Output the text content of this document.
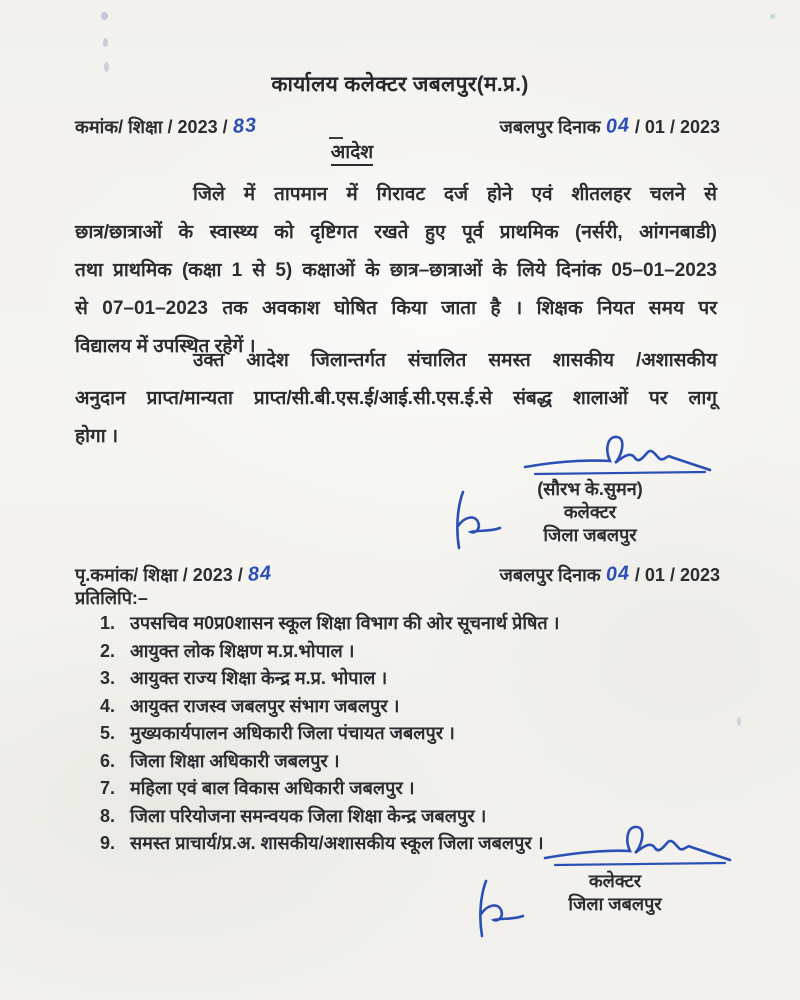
कार्यालय कलेक्टर जबलपुर(म.प्र.)
कमांक/ शिक्षा / 2023 / 83	जबलपुर दिनाक 04 / 01 / 2023
आदेश
जिले में तापमान में गिरावट दर्ज होने एवं शीतलहर चलने से
छात्र/छात्राओं के स्वास्थ्य को दृष्टिगत रखते हुए पूर्व प्राथमिक (नर्सरी, आंगनबाडी)
तथा प्राथमिक (कक्षा 1 से 5) कक्षाओं के छात्र–छात्राओं के लिये दिनांक 05–01–2023
से 07–01–2023 तक अवकाश घोषित किया जाता है । शिक्षक नियत समय पर
विद्यालय में उपस्थित रहेगें ।
उक्त आदेश जिलान्तर्गत संचालित समस्त शासकीय /अशासकीय
अनुदान प्राप्त/मान्यता प्राप्त/सी.बी.एस.ई/आई.सी.एस.ई.से संबद्ध शालाओं पर लागू
होगा ।
(सौरभ के.सुमन)
कलेक्टर
जिला जबलपुर
पृ.कमांक/ शिक्षा / 2023 / 84	जबलपुर दिनाक 04 / 01 / 2023
प्रतिलिपि:–
1. उपसचिव म0प्र0शासन स्कूल शिक्षा विभाग की ओर सूचनार्थ प्रेषित ।
2. आयुक्त लोक शिक्षण म.प्र.भोपाल ।
3. आयुक्त राज्य शिक्षा केन्द्र म.प्र. भोपाल ।
4. आयुक्त राजस्व जबलपुर संभाग जबलपुर ।
5. मुख्यकार्यपालन अधिकारी जिला पंचायत जबलपुर ।
6. जिला शिक्षा अधिकारी जबलपुर ।
7. महिला एवं बाल विकास अधिकारी जबलपुर ।
8. जिला परियोजना समन्वयक जिला शिक्षा केन्द्र जबलपुर ।
9. समस्त प्राचार्य/प्र.अ. शासकीय/अशासकीय स्कूल जिला जबलपुर ।
कलेक्टर
जिला जबलपुर
